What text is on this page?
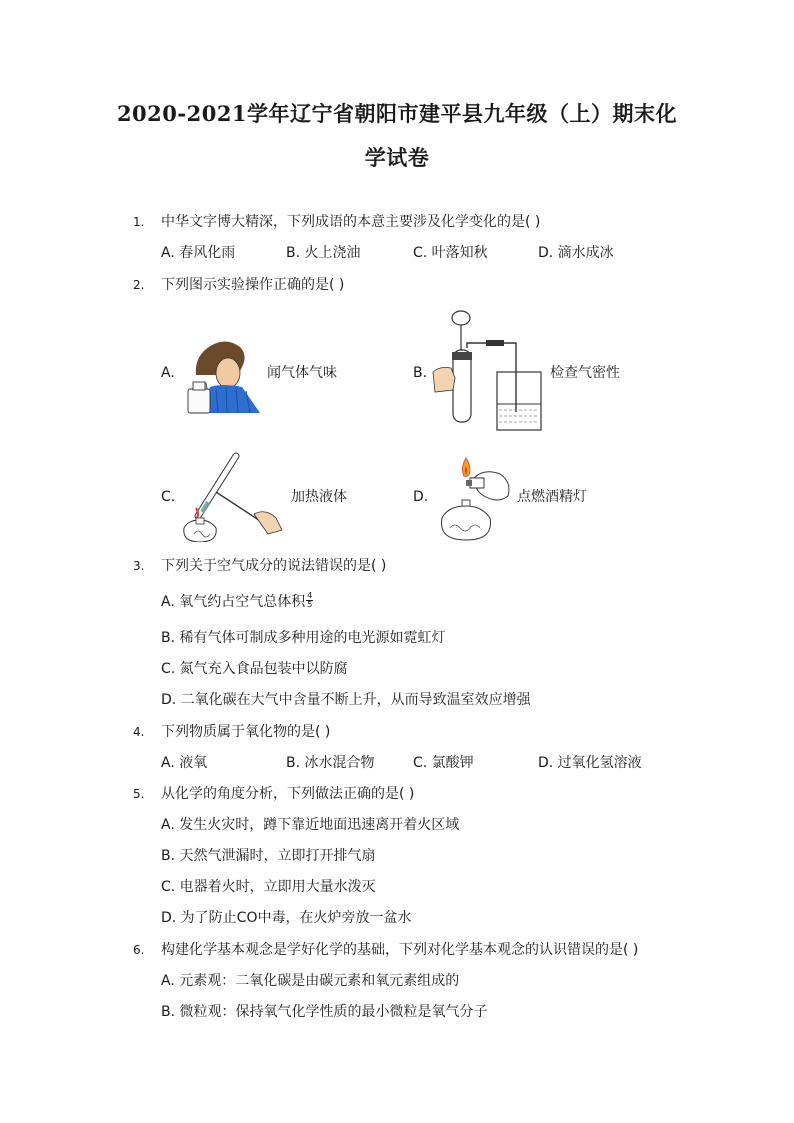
2020-2021学年辽宁省朝阳市建平县九年级（上）期末化
学试卷
1. 中华文字博大精深，下列成语的本意主要涉及化学变化的是( )
A. 春风化雨	B. 火上浇油	C. 叶落知秋	D. 滴水成冰
2. 下列图示实验操作正确的是( )
A.	闻气体气味	B.	检查气密性
C.	加热液体	D.	点燃酒精灯
3. 下列关于空气成分的说法错误的是( )
A. 氧气约占空气总体积 $\frac{4}{5}$
B. 稀有气体可制成多种用途的电光源如霓虹灯
C. 氮气充入食品包装中以防腐
D. 二氧化碳在大气中含量不断上升，从而导致温室效应增强
4. 下列物质属于氧化物的是( )
A. 液氧	B. 冰水混合物	C. 氯酸钾	D. 过氧化氢溶液
5. 从化学的角度分析，下列做法正确的是( )
A. 发生火灾时，蹲下靠近地面迅速离开着火区域
B. 天然气泄漏时，立即打开排气扇
C. 电器着火时，立即用大量水泼灭
D. 为了防止CO中毒，在火炉旁放一盆水
6. 构建化学基本观念是学好化学的基础，下列对化学基本观念的认识错误的是( )
A. 元素观：二氧化碳是由碳元素和氧元素组成的
B. 微粒观：保持氧气化学性质的最小微粒是氧气分子
